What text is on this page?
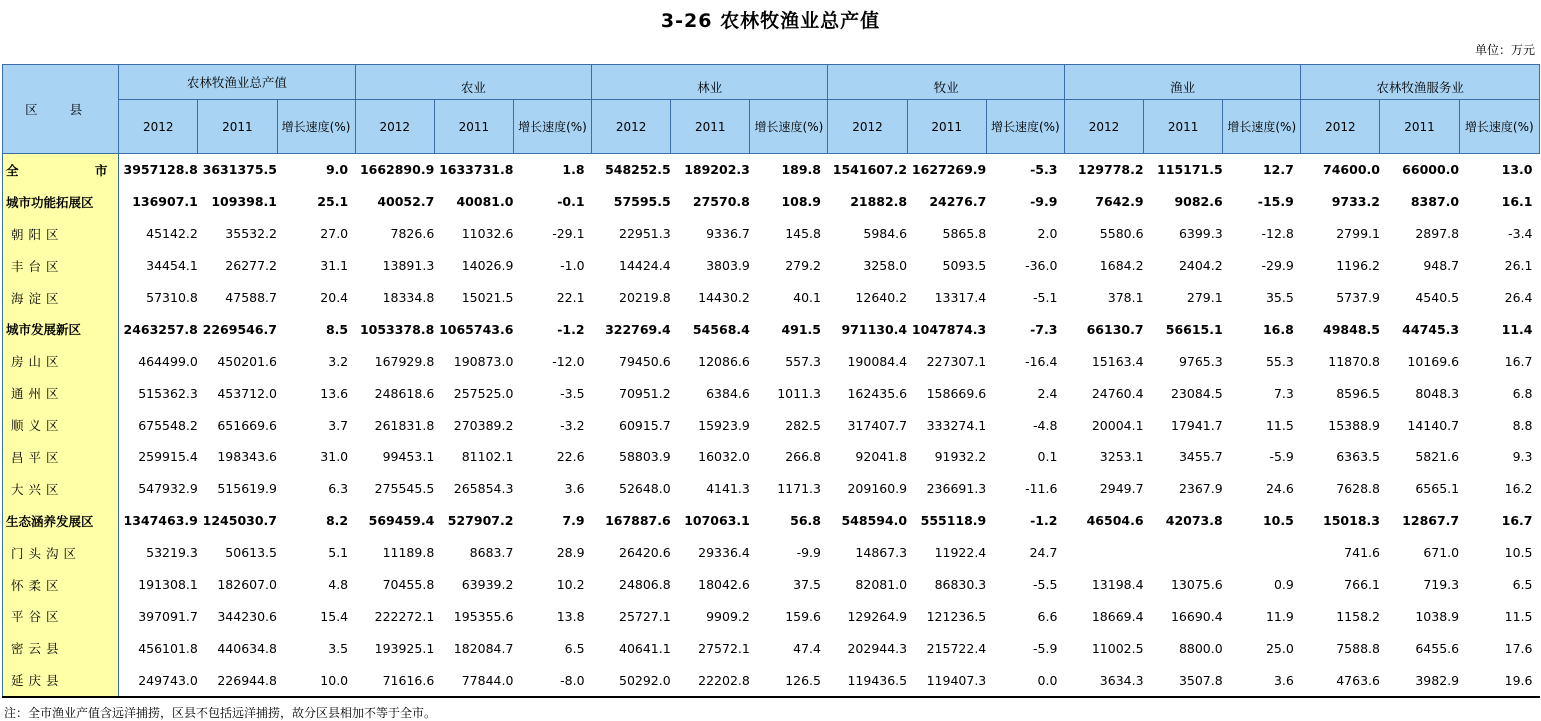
3-26 农林牧渔业总产值
单位：万元
区 县	农林牧渔业总产值			农业			林业			牧业			渔业			农林牧渔服务业		
	2012	2011	增长速度(%)	2012	2011	增长速度(%)	2012	2011	增长速度(%)	2012	2011	增长速度(%)	2012	2011	增长速度(%)	2012	2011	增长速度(%)
全 市	3957128.8	3631375.5	9.0	1662890.9	1633731.8	1.8	548252.5	189202.3	189.8	1541607.2	1627269.9	-5.3	129778.2	115171.5	12.7	74600.0	66000.0	13.0
城市功能拓展区	136907.1	109398.1	25.1	40052.7	40081.0	-0.1	57595.5	27570.8	108.9	21882.8	24276.7	-9.9	7642.9	9082.6	-15.9	9733.2	8387.0	16.1
朝阳区	45142.2	35532.2	27.0	7826.6	11032.6	-29.1	22951.3	9336.7	145.8	5984.6	5865.8	2.0	5580.6	6399.3	-12.8	2799.1	2897.8	-3.4
丰台区	34454.1	26277.2	31.1	13891.3	14026.9	-1.0	14424.4	3803.9	279.2	3258.0	5093.5	-36.0	1684.2	2404.2	-29.9	1196.2	948.7	26.1
海淀区	57310.8	47588.7	20.4	18334.8	15021.5	22.1	20219.8	14430.2	40.1	12640.2	13317.4	-5.1	378.1	279.1	35.5	5737.9	4540.5	26.4
城市发展新区	2463257.8	2269546.7	8.5	1053378.8	1065743.6	-1.2	322769.4	54568.4	491.5	971130.4	1047874.3	-7.3	66130.7	56615.1	16.8	49848.5	44745.3	11.4
房山区	464499.0	450201.6	3.2	167929.8	190873.0	-12.0	79450.6	12086.6	557.3	190084.4	227307.1	-16.4	15163.4	9765.3	55.3	11870.8	10169.6	16.7
通州区	515362.3	453712.0	13.6	248618.6	257525.0	-3.5	70951.2	6384.6	1011.3	162435.6	158669.6	2.4	24760.4	23084.5	7.3	8596.5	8048.3	6.8
顺义区	675548.2	651669.6	3.7	261831.8	270389.2	-3.2	60915.7	15923.9	282.5	317407.7	333274.1	-4.8	20004.1	17941.7	11.5	15388.9	14140.7	8.8
昌平区	259915.4	198343.6	31.0	99453.1	81102.1	22.6	58803.9	16032.0	266.8	92041.8	91932.2	0.1	3253.1	3455.7	-5.9	6363.5	5821.6	9.3
大兴区	547932.9	515619.9	6.3	275545.5	265854.3	3.6	52648.0	4141.3	1171.3	209160.9	236691.3	-11.6	2949.7	2367.9	24.6	7628.8	6565.1	16.2
生态涵养发展区	1347463.9	1245030.7	8.2	569459.4	527907.2	7.9	167887.6	107063.1	56.8	548594.0	555118.9	-1.2	46504.6	42073.8	10.5	15018.3	12867.7	16.7
门头沟区	53219.3	50613.5	5.1	11189.8	8683.7	28.9	26420.6	29336.4	-9.9	14867.3	11922.4	24.7				741.6	671.0	10.5
怀柔区	191308.1	182607.0	4.8	70455.8	63939.2	10.2	24806.8	18042.6	37.5	82081.0	86830.3	-5.5	13198.4	13075.6	0.9	766.1	719.3	6.5
平谷区	397091.7	344230.6	15.4	222272.1	195355.6	13.8	25727.1	9909.2	159.6	129264.9	121236.5	6.6	18669.4	16690.4	11.9	1158.2	1038.9	11.5
密云县	456101.8	440634.8	3.5	193925.1	182084.7	6.5	40641.1	27572.1	47.4	202944.3	215722.4	-5.9	11002.5	8800.0	25.0	7588.8	6455.6	17.6
延庆县	249743.0	226944.8	10.0	71616.6	77844.0	-8.0	50292.0	22202.8	126.5	119436.5	119407.3	0.0	3634.3	3507.8	3.6	4763.6	3982.9	19.6
注：全市渔业产值含远洋捕捞，区县不包括远洋捕捞，故分区县相加不等于全市。
